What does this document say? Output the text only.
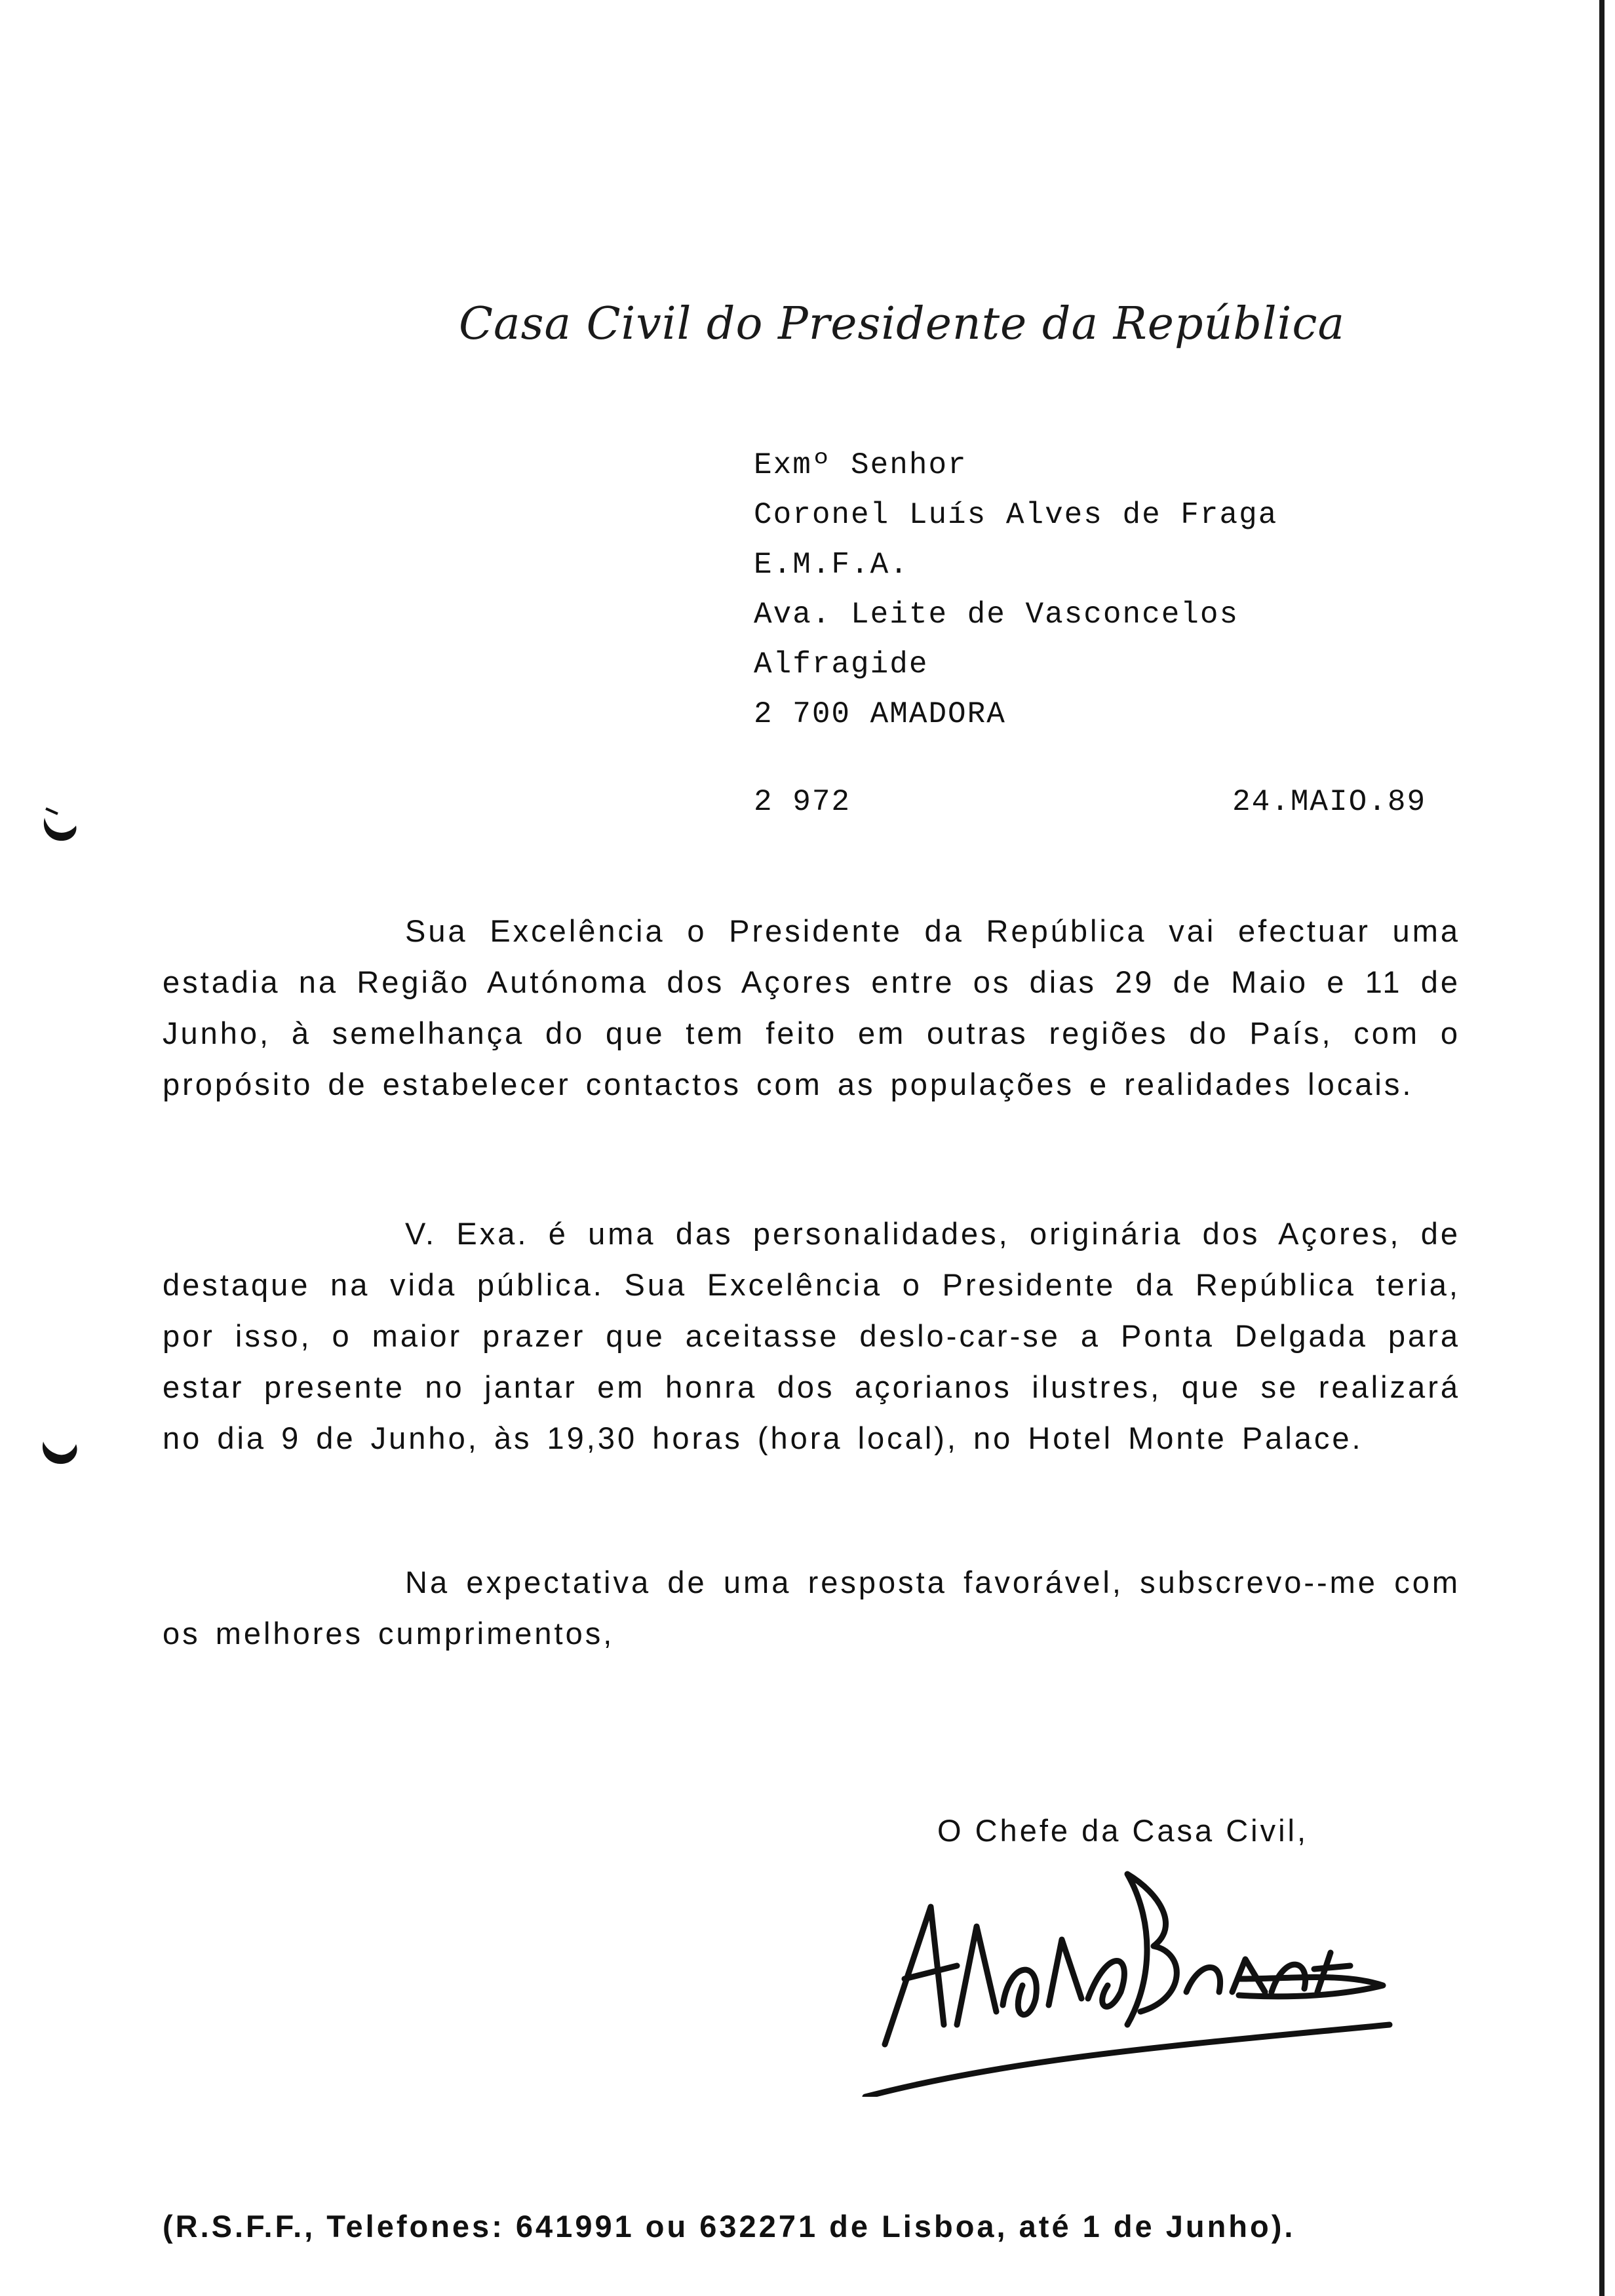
Casa Civil do Presidente da República
Exmº Senhor
Coronel Luís Alves de Fraga
E.M.F.A.
Ava. Leite de Vasconcelos
Alfragide
2 700 AMADORA
2 972	24.MAIO.89
Sua Excelência o Presidente da República vai efectuar uma estadia na Região Autónoma dos Açores entre os dias 29 de Maio e 11 de Junho, à semelhança do que tem feito em outras regiões do País, com o propósito de estabelecer contactos com as populações e realidades locais.
V. Exa. é uma das personalidades, originária dos Açores, de destaque na vida pública. Sua Excelência o Presidente da República teria, por isso, o maior prazer que aceitasse deslo-car-se a Ponta Delgada para estar presente no jantar em honra dos açorianos ilustres, que se realizará no dia 9 de Junho, às 19,30 horas (hora local), no Hotel Monte Palace.
Na expectativa de uma resposta favorável, subscrevo--me com os melhores cumprimentos,
O Chefe da Casa Civil,
(R.S.F.F., Telefones: 641991 ou 632271 de Lisboa, até 1 de Junho).
